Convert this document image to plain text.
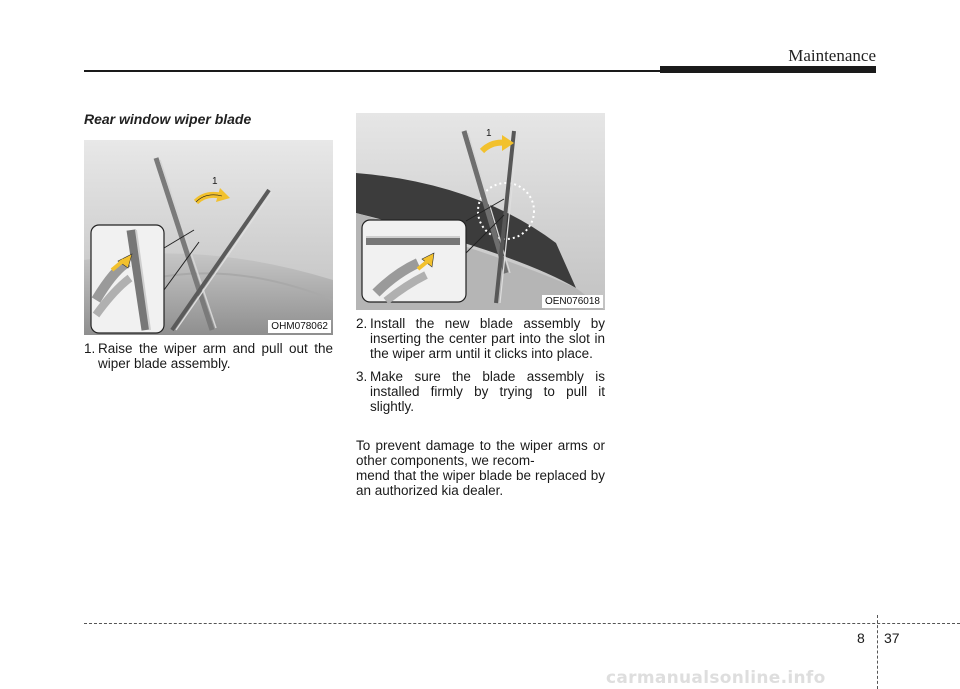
Maintenance
Rear window wiper blade
OHM078062
1
OEN076018
1
1. Raise the wiper arm and pull out the wiper blade assembly.
2. Install the new blade assembly by inserting the center part into the slot in the wiper arm until it clicks into place.
3. Make sure the blade assembly is installed firmly by trying to pull it slightly.

To prevent damage to the wiper arms or other components, we recom-
mend that the wiper blade be replaced by an authorized kia dealer.

8 37
carmanualsonline.info
